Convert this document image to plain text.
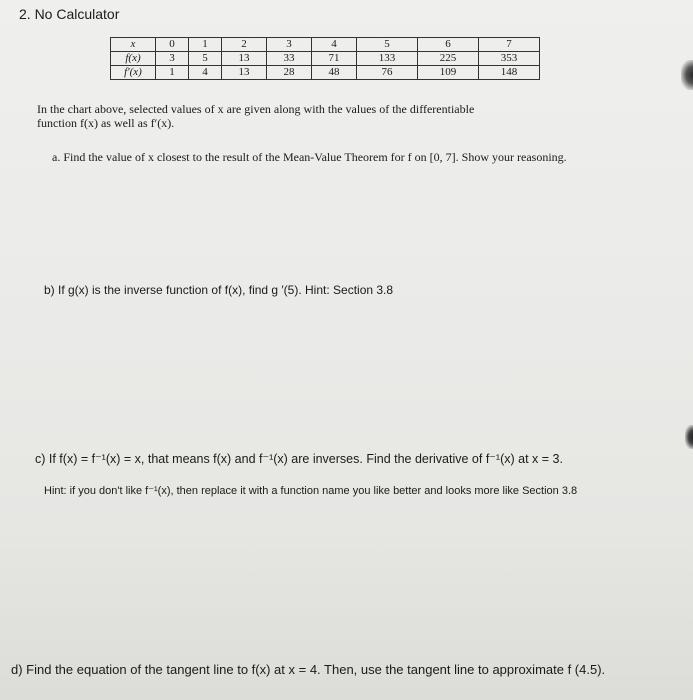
2. No Calculator
x	0	1	2	3	4	5	6	7
f(x)	3	5	13	33	71	133	225	353
f′(x)	1	4	13	28	48	76	109	148
In the chart above, selected values of x are given along with the values of the differentiable
function f(x) as well as f′(x).
a. Find the value of x closest to the result of the Mean-Value Theorem for f on [0, 7]. Show your reasoning.
b) If g(x) is the inverse function of f(x), find g ′(5). Hint: Section 3.8
c) If f(x) = f⁻¹(x) = x, that means f(x) and f⁻¹(x) are inverses. Find the derivative of f⁻¹(x) at x = 3.
Hint: if you don't like f⁻¹(x), then replace it with a function name you like better and looks more like Section 3.8
d) Find the equation of the tangent line to f(x) at x = 4. Then, use the tangent line to approximate f (4.5).
